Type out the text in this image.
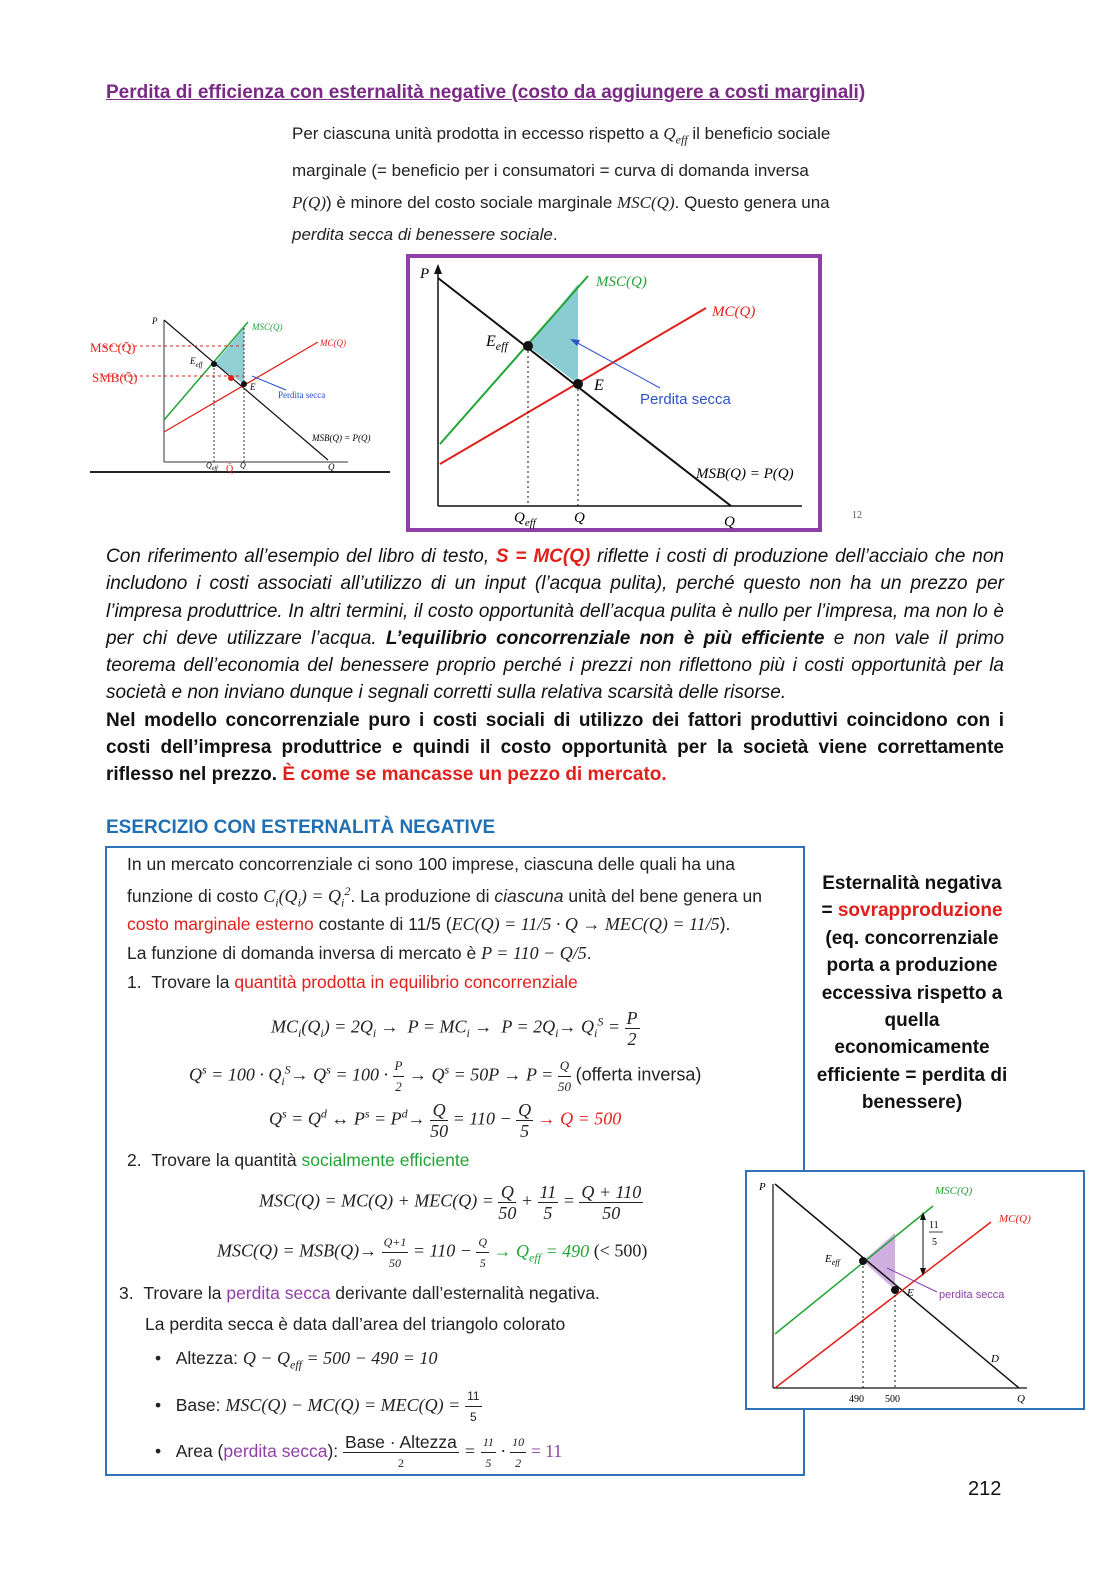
Perdita di efficienza con esternalità negative (costo da aggiungere a costi marginali)

Per ciascuna unità prodotta in eccesso rispetto a $Q_{eff}$ il beneficio sociale

marginale (= beneficio per i consumatori = curva di domanda inversa

P(Q)) è minore del costo sociale marginale MSC(Q). Questo genera una

perdita secca di benessere sociale.

P
Q
MSC(Q)
MC(Q)
MSB(Q) = P(Q)
$E_{eff}$
E
Perdita secca
$Q_{eff}$	Q
MSC(Q̄)
SMB(Q̄)
Q̄
P
Q
MSC(Q)
MC(Q)
MSB(Q) = P(Q)
$E_{eff}$
E
Perdita secca
$Q_{eff}$	Q	12

Con riferimento all’esempio del libro di testo, S = MC(Q) riflette i costi di produzione dell’acciaio che non includono i costi associati all’utilizzo di un input (l’acqua pulita), perché questo non ha un prezzo per l’impresa produttrice. In altri termini, il costo opportunità dell’acqua pulita è nullo per l’impresa, ma non lo è per chi deve utilizzare l’acqua. L’equilibrio concorrenziale non è più efficiente e non vale il primo teorema dell’economia del benessere proprio perché i prezzi non riflettono più i costi opportunità per la società e non inviano dunque i segnali corretti sulla relativa scarsità delle risorse.
Nel modello concorrenziale puro i costi sociali di utilizzo dei fattori produttivi coincidono con i costi dell’impresa produttrice e quindi il costo opportunità per la società viene correttamente riflesso nel prezzo. È come se mancasse un pezzo di mercato.

ESERCIZIO CON ESTERNALITÀ NEGATIVE
In un mercato concorrenziale ci sono 100 imprese, ciascuna delle quali ha una
funzione di costo $C_i(Q_i) = Q_i^2$. La produzione di ciascuna unità del bene genera un
costo marginale esterno costante di 11/5 (EC(Q) = 11/5 · Q → MEC(Q) = 11/5).
La funzione di domanda inversa di mercato è P = 110 − Q/5.
1. Trovare la quantità prodotta in equilibrio concorrenziale
$MC_i(Q_i) = 2Q_i \to P = MC_i \to P = 2Q_i\to Q_i^S = \frac{P}{2}$
$Q^s = 100 \cdot Q_i^S\to Q^s = 100 \cdot \frac{P}{2} \to Q^s = 50P \to P = \frac{Q}{50}$ (offerta inversa)
$Q^s = Q^d$ ↔ $P^s = P^d\to \frac{Q}{50} = 110 - \frac{Q}{5} \to Q = 500$
2. Trovare la quantità socialmente efficiente
$MSC(Q) = MC(Q) + MEC(Q) = \frac{Q}{50} + \frac{11}{5} = \frac{Q + 110}{50}$
$MSC(Q) = MSB(Q)\to \frac{Q+1}{50} = 110 - \frac{Q}{5} \to Q_{eff} = 490$ (< 500)
3. Trovare la perdita secca derivante dall’esternalità negativa.
La perdita secca è data dall’area del triangolo colorato
•   Altezza: $Q - Q_{eff} = 500 - 490 = 10$
•   Base: $MSC(Q) - MC(Q) = MEC(Q) = \frac{11}{5}$
•   Area (perdita secca): $\frac{\text{Base · Altezza}}{2} = \frac{11}{5} \cdot \frac{10}{2} = 11$
Esternalità negativa
= sovrapproduzione
(eq. concorrenziale porta a produzione eccessiva rispetto a quella economicamente efficiente = perdita di benessere)
P
Q
MSC(Q)
MC(Q)
D
$E_{eff}$
E
11
5
perdita secca
490 500
212
